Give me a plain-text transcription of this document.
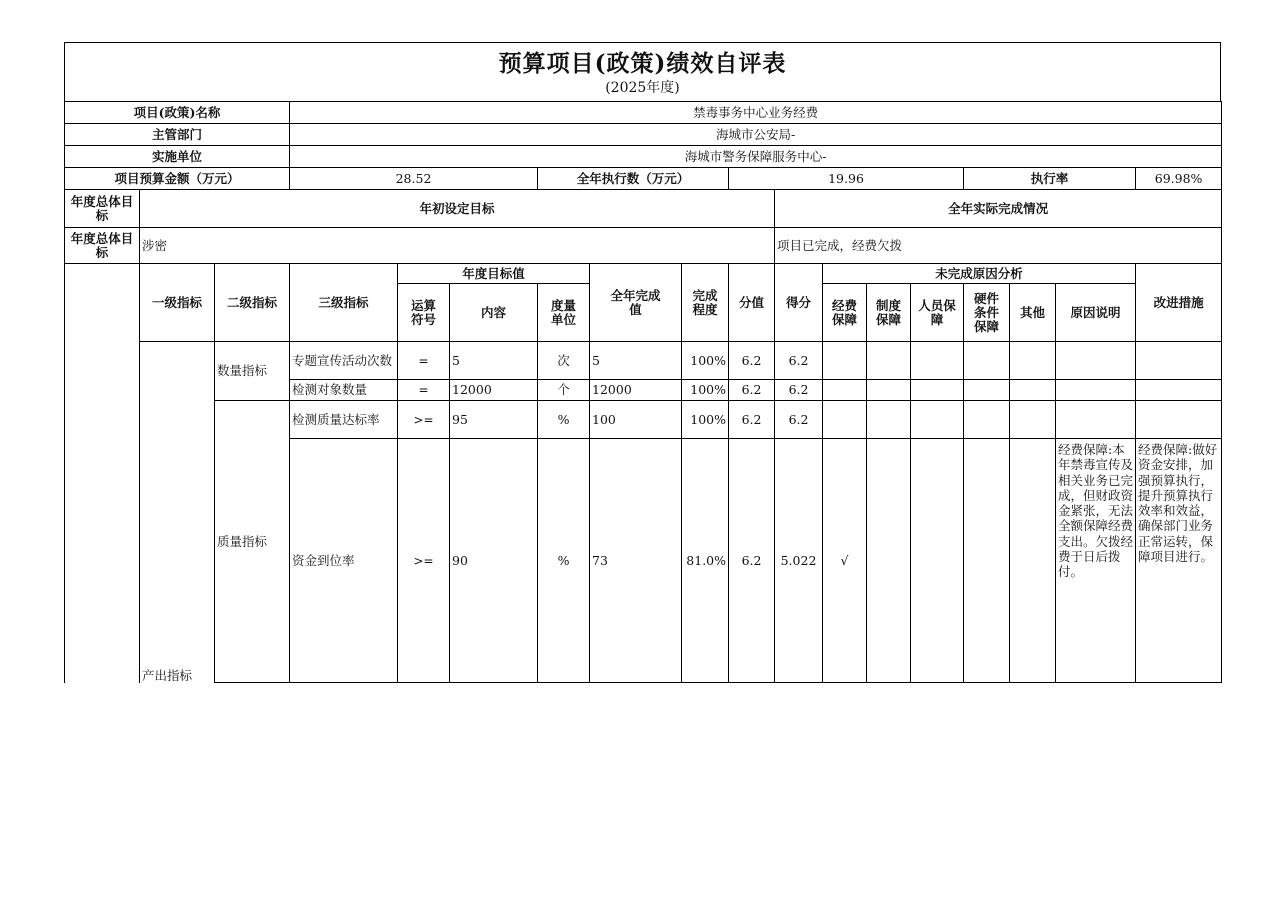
预算项目(政策)绩效自评表
(2025年度)
项目(政策)名称			禁毒事务中心业务经费														
主管部门			海城市公安局-														
实施单位			海城市警务保障服务中心-														
项目预算金额（万元）			28.52			全年执行数（万元）			19.96					执行率			69.98%
年度总体目标	年初设定目标									全年实际完成情况							
年度总体目标	涉密									项目已完成，经费欠拨							
	一级指标	二级指标	三级指标	年度目标值			全年完成值	完成程度	分值	得分	未完成原因分析						改进措施
				运算符号	内容	度量单位					经费保障	制度保障	人员保障	硬件条件保障	其他	原因说明	
	产出指标	数量指标	专题宣传活动次数	=	5	次	5	100%	6.2	6.2							
			检测对象数量	=	12000	个	12000	100%	6.2	6.2							
		质量指标	检测质量达标率	>=	95	%	100	100%	6.2	6.2							
			资金到位率	>=	90	%	73	81.0%	6.2	5.022	√					经费保障:本年禁毒宣传及相关业务已完成，但财政资金紧张，无法全额保障经费支出。欠拨经费于日后拨付。	经费保障:做好资金安排，加强预算执行，提升预算执行效率和效益，确保部门业务正常运转，保障项目进行。
